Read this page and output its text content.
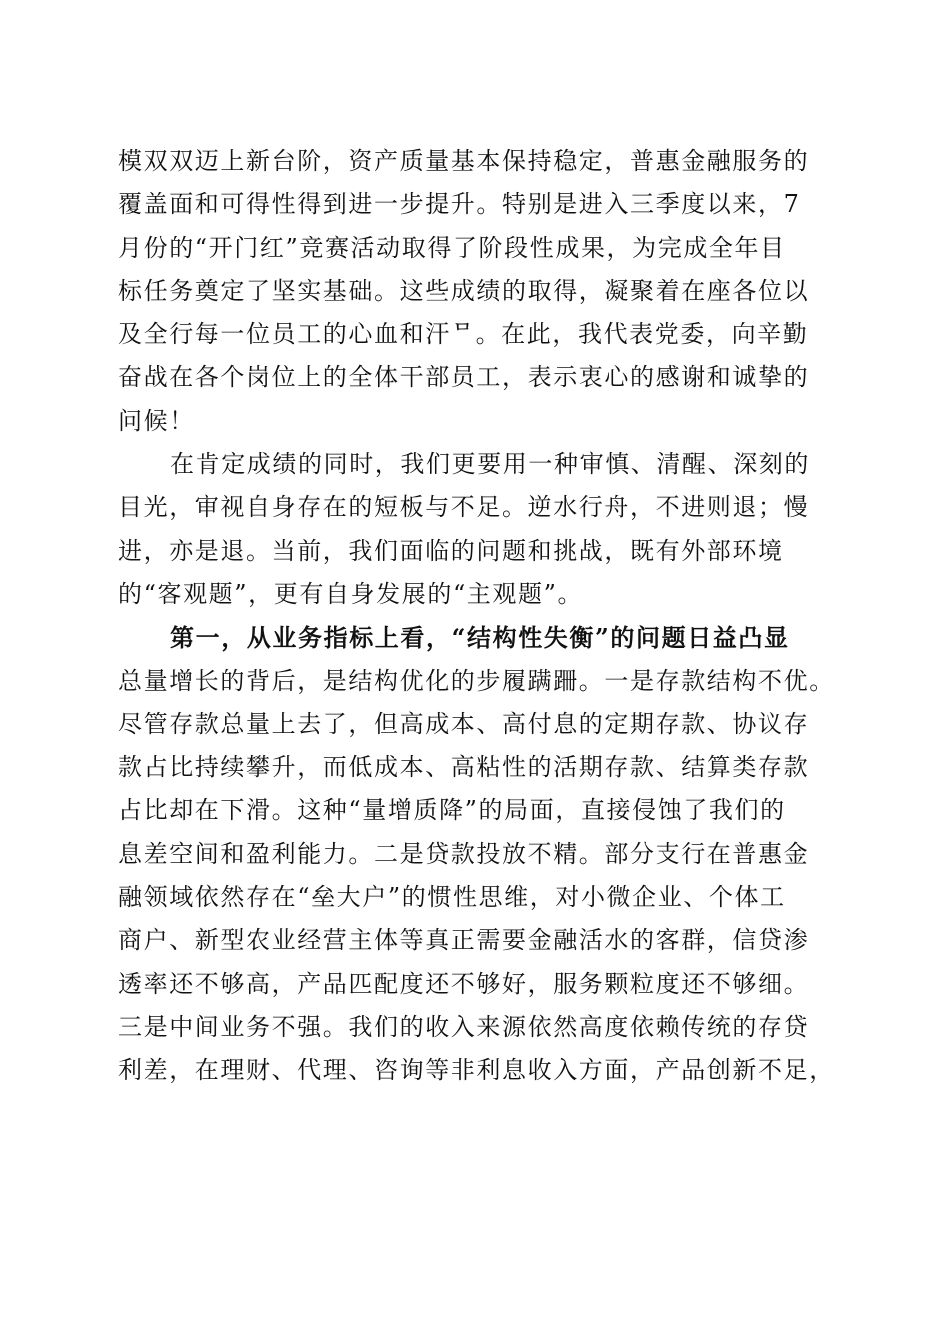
模双双迈上新台阶，资产质量基本保持稳定，普惠金融服务的
覆盖面和可得性得到进一步提升。特别是进入三季度以来，7
月份的“开门红”竞赛活动取得了阶段性成果，为完成全年目
标任务奠定了坚实基础。这些成绩的取得，凝聚着在座各位以
及全行每一位员工的心血和汗​ᄆ。在此，我代表党委，向辛勤
奋战在各个岗位上的全体干部员工，表示衷心的感谢和诚挚的
问候！
在肯定成绩的同时，我们更要用一种审慎、清醒、深刻的
目光，审视自身存在的短板与不足。逆水行舟，不进则退；慢
进，亦是退。当前，我们面临的问题和挑战，既有外部环境
的“客观题”，更有自身发展的“主观题”。
第一，从业务指标上看，“结构性失衡”的问题日益凸显
总量增长的背后，是结构优化的步履蹒跚。一是存款结构不优。
尽管存款总量上去了，但高成本、高付息的定期存款、协议存
款占比持续攀升，而低成本、高粘性的活期存款、结算类存款
占比却在下滑。这种“量增质降”的局面，直接侵蚀了我们的
息差空间和盈利能力。二是贷款投放不精。部分支行在普惠金
融领域依然存在“垒大户”的惯性思维，对小微企业、个体工
商户、新型农业经营主体等真正需要金融活水的客群，信贷渗
透率还不够高，产品匹配度还不够好，服务颗粒度还不够细。
三是中间业务不强。我们的收入来源依然高度依赖传统的存贷
利差，在理财、代理、咨询等非利息收入方面，产品创新不足，
